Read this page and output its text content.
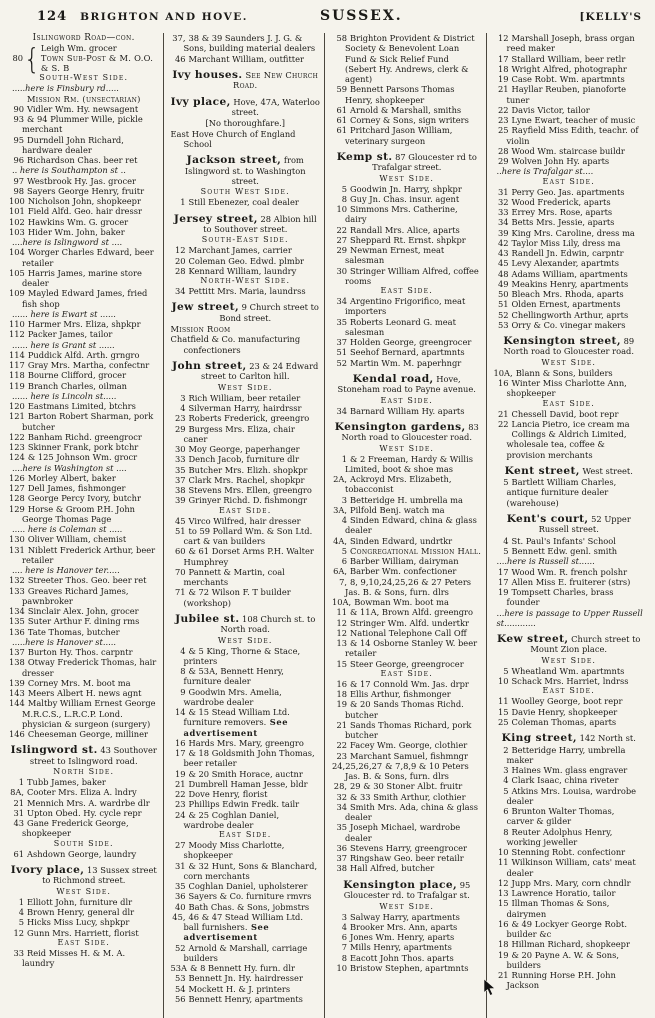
124 BRIGHTON AND HOVE.	SUSSEX.	[KELLY'S
Islingword Road—con.
80 { Leigh Wm. grocer
Town Sub-Post & M. O.O.
& S. B
South-West Side.
.....here is Finsbury rd.....

Mission Rm. (unsectarian)

90 Vidler Wm. Hy. newsagent

93 & 94 Plummer Wille, pickle merchant

95 Durndell John Richard, hardware dealer

96 Richardson Chas. beer ret

.. here is Southampton st ..

97 Westbrook Hy. Jas. grocer

98 Sayers George Henry, fruitr

100 Nicholson John, shopkeepr

101 Field Alfd. Geo. hair dressr

102 Hawkins Wm. G. grocer

103 Hider Wm. John, baker

....here is Islingword st ....

104 Worger Charles Edward, beer retailer

105 Harris James, marine store dealer

109 Mayled Edward James, fried fish shop

...... here is Ewart st ......

110 Harmer Mrs. Eliza, shpkpr

112 Packer James, tailor

...... here is Grant st ......

114 Puddick Alfd. Arth. grngro

117 Gray Mrs. Martha, confectnr

118 Bourne Clifford, grocer

119 Branch Charles, oilman

...... here is Lincoln st.....

120 Eastmans Limited, btchrs

121 Barton Robert Sharman, pork butcher

122 Banham Richd. greengrocr

123 Skinner Frank, pork btchr

124 & 125 Johnson Wm. grocr

....here is Washington st ....

126 Morley Albert, baker

127 Dell James, fishmonger

128 George Percy Ivory, butchr

129 Horse & Groom P.H. John George Thomas Page

..... here is Coleman st .....

130 Oliver William, chemist

131 Niblett Frederick Arthur, beer retailer

.... here is Hanover ter.....

132 Streeter Thos. Geo. beer ret

133 Greaves Richard James, pawnbroker

134 Sinclair Alex. John, grocer

135 Suter Arthur F. dining rms

136 Tate Thomas, butcher

.....here is Hanover st.....

137 Burton Hy. Thos. carpntr

138 Otway Frederick Thomas, hair dresser

139 Corney Mrs. M. boot ma

143 Meers Albert H. news agnt

144 Maltby William Ernest George M.R.C.S., L.R.C.P. Lond. physician & surgeon (surgery)

146 Cheeseman George, milliner

Islingword st. 43 Southover street to Islingword road.
North Side.

1 Tubb James, baker

8A, Cooter Mrs. Eliza A. lndry

21 Mennich Mrs. A. wardrbe dlr

31 Upton Obed. Hy. cycle repr

43 Gane Frederick George, shopkeeper

South Side.

61 Ashdown George, laundry

Ivory place, 13 Sussex street to Richmond street.
West Side.

1 Elliott John, furniture dlr

4 Brown Henry, general dlr

5 Hicks Miss Lucy, shpkpr

12 Gunn Mrs. Harriett, florist

East Side.

33 Reid Misses H. & M. A. laundry

37, 38 & 39 Saunders J. J. G. & Sons, building material dealers

46 Marchant William, outfitter

Ivy houses. See New Church Road.
Ivy place, Hove, 47A, Waterloo street.
[No thoroughfare.]

East Hove Church of England School

Jackson street, from Islingword st. to Washington street.
South West Side.

1 Still Ebenezer, coal dealer

Jersey street, 28 Albion hill to Southover street.
South-East Side.

12 Marchant James, carrier

20 Coleman Geo. Edwd. plmbr

28 Kennard William, laundry

North-West Side.

34 Pettitt Mrs. Maria, laundrss

Jew street, 9 Church street to Bond street.

Mission Room

Chatfield & Co. manufacturing confectioners

John street, 23 & 24 Edward street to Carlton hill.
West Side.

3 Rich William, beer retailer

4 Silverman Harry, hairdrssr

23 Roberts Frederick, greengro

29 Burgess Mrs. Eliza, chair caner

30 Moy George, paperhanger

33 Dench Jacob, furniture dlr

35 Butcher Mrs. Elizh. shopkpr

37 Clark Mrs. Rachel, shopkpr

38 Stevens Mrs. Ellen, greengro

39 Grinyer Richd. D. fishmongr

East Side.

45 Virco Wilfred, hair dresser

51 to 59 Pollard Wm. & Son Ltd. cart & van builders

60 & 61 Dorset Arms P.H. Walter Humphrey

70 Pannett & Martin, coal merchants

71 & 72 Wilson F. T builder (workshop)

Jubilee st. 108 Church st. to North road.
West Side.

4 & 5 King, Thorne & Stace, printers

8 & 53A, Bennett Henry, furniture dealer

9 Goodwin Mrs. Amelia, wardrobe dealer

14 & 15 Stead William Ltd. furniture removers. See advertisement

16 Hards Mrs. Mary, greengro

17 & 18 Goldsmith John Thomas, beer retailer

19 & 20 Smith Horace, auctnr

21 Dumbrell Haman Jesse, bldr

22 Dove Henry, florist

23 Phillips Edwin Fredk. tailr

24 & 25 Coghlan Daniel, wardrobe dealer

East Side.

27 Moody Miss Charlotte, shopkeeper

31 & 32 Hunt, Sons & Blanchard, corn merchants

35 Coghlan Daniel, upholsterer

36 Sayers & Co. furniture rmvrs

40 Bath Chas. & Sons, jobmstrs

45, 46 & 47 Stead William Ltd. ball furnishers. See advertisement

52 Arnold & Marshall, carriage builders

53A & 8 Bennett Hy. furn. dlr

53 Bennett Jn. Hy. hairdresser

54 Mockett H. & J. printers

56 Bennett Henry, apartments

58 Brighton Provident & District Society & Benevolent Loan Fund & Sick Relief Fund (Sebert Hy. Andrews, clerk & agent)

59 Bennett Parsons Thomas Henry, shopkeeper

61 Arnold & Marshall, smiths

61 Corney & Sons, sign writers

61 Pritchard Jason William, veterinary surgeon

Kemp st. 87 Gloucester rd to Trafalgar street.
West Side.

5 Goodwin Jn. Harry, shpkpr

8 Guy Jn. Chas. insur. agent

10 Simmons Mrs. Catherine, dairy

22 Randall Mrs. Alice, aparts

27 Sheppard Rt. Ernst. shpkpr

29 Newman Ernest, meat salesman

30 Stringer William Alfred, coffee rooms

East Side.

34 Argentino Frigorifico, meat importers

35 Roberts Leonard G. meat salesman

37 Holden George, greengrocer

51 Seehof Bernard, apartmnts

52 Martin Wm. M. paperhngr

Kendal road, Hove, Stoneham road to Payne avenue.
East Side.

34 Barnard William Hy. aparts

Kensington gardens, 83 North road to Gloucester road.
West Side.

1 & 2 Freeman, Hardy & Willis Limited, boot & shoe mas

2A, Ackroyd Mrs. Elizabeth, tobacconist

3 Betteridge H. umbrella ma

3A, Pilfold Benj. watch ma

4 Sinden Edward, china & glass dealer

4A, Sinden Edward, undrtkr

5 Congregational Mission Hall.

6 Barber William, dairyman

6A, Barber Wm. confectioner

7, 8, 9,10,24,25,26 & 27 Peters Jas. B. & Sons, furn. dlrs

10A, Bowman Wm. boot ma

11 & 11A, Brown Alfd. greengro

12 Stringer Wm. Alfd. undertkr

12 National Telephone Call Off

13 & 14 Osborne Stanley W. beer retailer

15 Steer George, greengrocer

East Side.

16 & 17 Connold Wm. Jas. drpr

18 Ellis Arthur, fishmonger

19 & 20 Sands Thomas Richd. butcher

21 Sands Thomas Richard, pork butcher

22 Facey Wm. George, clothier

23 Marchant Samuel, fishmngr

24,25,26,27 & 7,8,9 & 10 Peters Jas. B. & Sons, furn. dlrs

28, 29 & 30 Stoner Albt. fruitr

32 & 33 Smith Arthur, clothier

34 Smith Mrs. Ada, china & glass dealer

35 Joseph Michael, wardrobe dealer

36 Stevens Harry, greengrocer

37 Ringshaw Geo. beer retailr

38 Hall Alfred, butcher

Kensington place, 95 Gloucester rd. to Trafalgar st.
West Side.

3 Salway Harry, apartments

4 Brooker Mrs. Ann, aparts

6 Jones Wm. Henry, aparts

7 Mills Henry, apartments

8 Eacott John Thos. aparts

10 Bristow Stephen, apartmnts

12 Marshall Joseph, brass organ reed maker

17 Stallard William, beer retlr

18 Wright Alfred, photographr

19 Case Robt. Wm. apartmnts

21 Hayllar Reuben, pianoforte tuner

22 Davis Victor, tailor

23 Lyne Ewart, teacher of music

25 Rayfield Miss Edith, teachr. of violin

28 Wood Wm. staircase buildr

29 Wolven John Hy. aparts

..here is Trafalgar st....
East Side.

31 Perry Geo. Jas. apartments

32 Wood Frederick, aparts

33 Errey Mrs. Rose, aparts

34 Betts Mrs. Jessie, aparts

39 King Mrs. Caroline, dress ma

42 Taylor Miss Lily, dress ma

43 Randell Jn. Edwin, carpntr

45 Levy Alexander, apartmts

48 Adams William, apartments

49 Meakins Henry, apartments

50 Bleach Mrs. Rhoda, aparts

51 Olden Ernest, apartments

52 Chellingworth Arthur, aprts

53 Orry & Co. vinegar makers

Kensington street, 89 North road to Gloucester road.
West Side.

10A, Blann & Sons, builders

16 Winter Miss Charlotte Ann, shopkeeper

East Side.

21 Chessell David, boot repr

22 Lancia Pietro, ice cream ma

Collings & Aldrich Limited, wholesale tea, coffee & provision merchants

Kent street, West street.

5 Bartlett William Charles, antique furniture dealer (warehouse)

Kent's court, 52 Upper Russell street.

4 St. Paul's Infants' School

5 Bennett Edw. genl. smith

....here is Russell st......

17 Wood Wm. R. french polshr

17 Allen Miss E. fruiterer (strs)

19 Tompsett Charles, brass founder

...here is passage to Upper Russell st............
Kew street, Church street to Mount Zion place.
West Side.

5 Wheatland Wm. apartmnts

10 Schack Mrs. Harriet, lndrss

East Side.

11 Woolley George, boot repr

15 Davie Henry, shopkeeper

25 Coleman Thomas, aparts

King street, 142 North st.

2 Betteridge Harry, umbrella maker

3 Haines Wm. glass engraver

4 Clark Isaac, china riveter

5 Atkins Mrs. Louisa, wardrobe dealer

6 Brunton Walter Thomas, carver & gilder

8 Reuter Adolphus Henry, working jeweller

10 Stenning Robt. confectionr

11 Wilkinson William, cats' meat dealer

12 Jupp Mrs. Mary, corn chndlr

13 Lawrence Horatio, tailor

15 Illman Thomas & Sons, dairymen

16 & 49 Lockyer George Robt. builder &c

18 Hillman Richard, shopkeepr

19 & 20 Payne A. W. & Sons, builders

21 Running Horse P.H. John Jackson
